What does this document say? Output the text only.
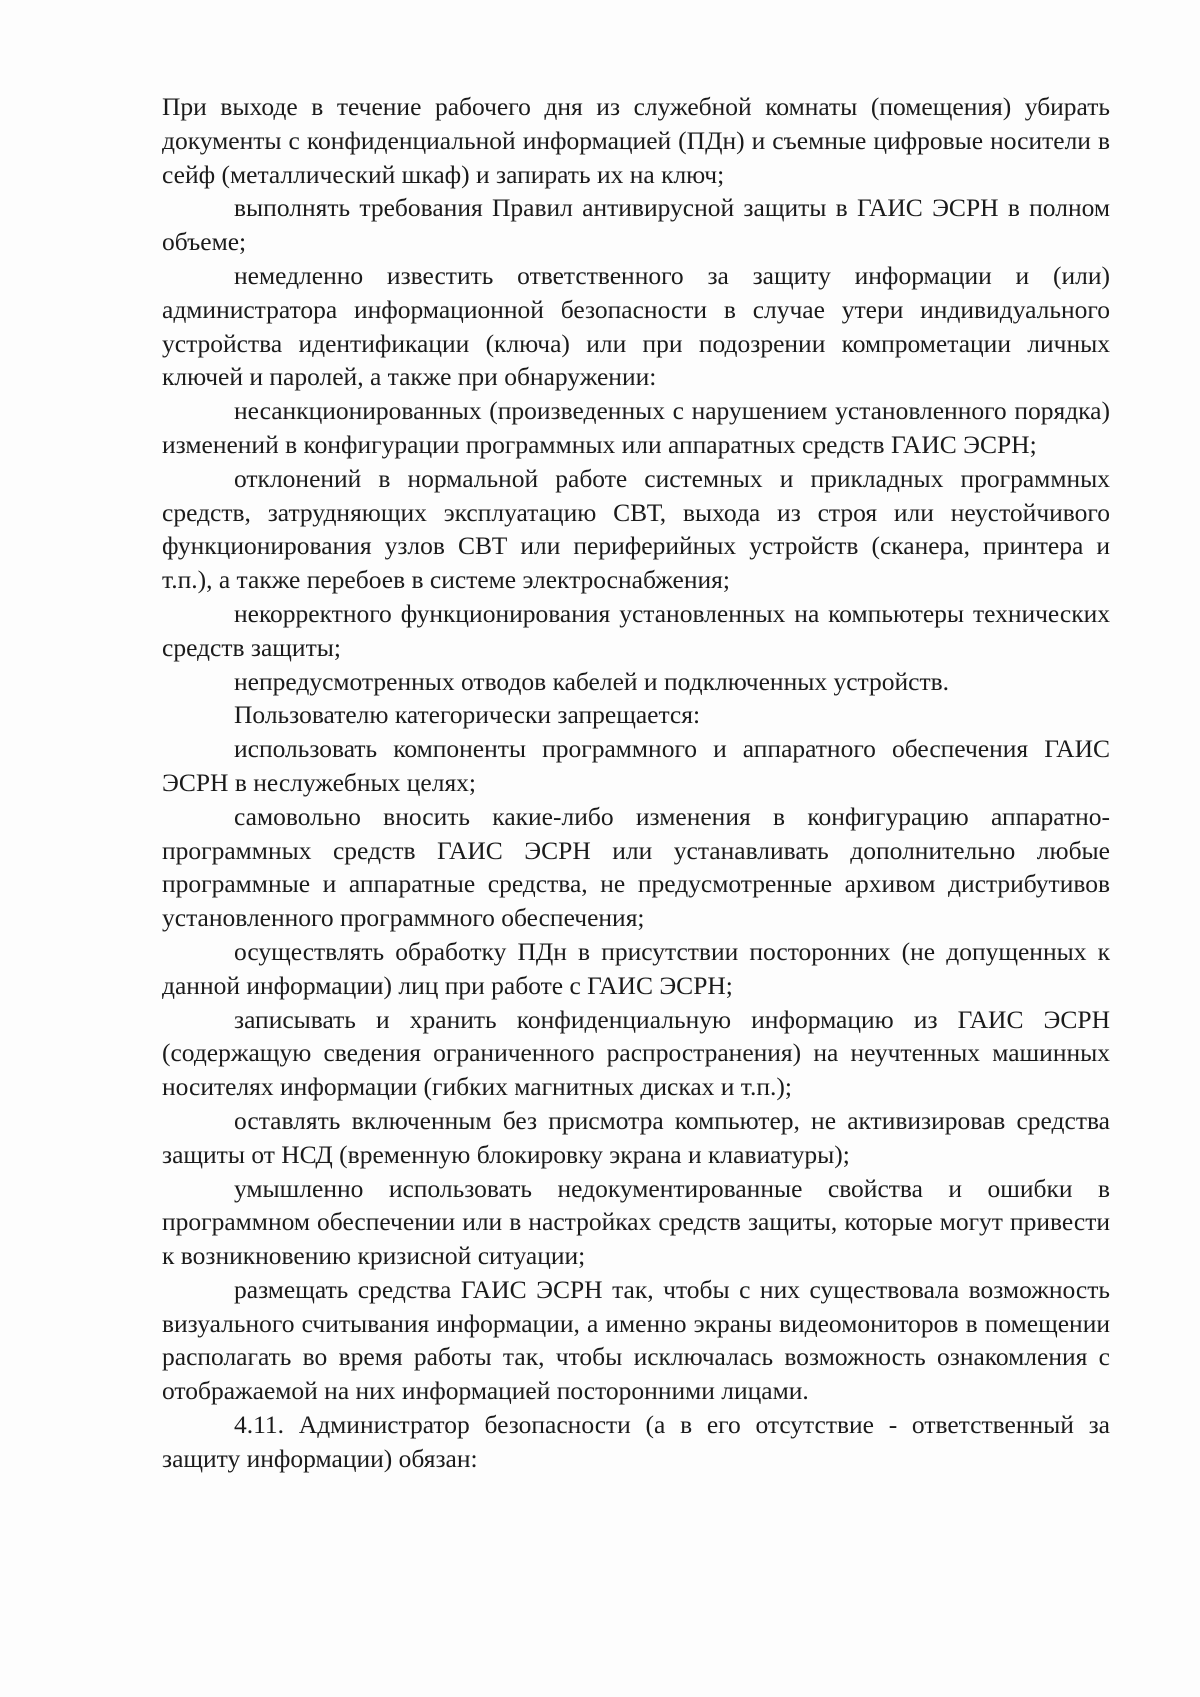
При выходе в течение рабочего дня из служебной комнаты (помещения) убирать документы с конфиденциальной информацией (ПДн) и съемные цифровые носители в сейф (металлический шкаф) и запирать их на ключ;

выполнять требования Правил антивирусной защиты в ГАИС ЭСРН в полном объеме;

немедленно известить ответственного за защиту информации и (или) администратора информационной безопасности в случае утери индивидуального устройства идентификации (ключа) или при подозрении компрометации личных ключей и паролей, а также при обнаружении:

несанкционированных (произведенных с нарушением установленного порядка) изменений в конфигурации программных или аппаратных средств ГАИС ЭСРН;

отклонений в нормальной работе системных и прикладных программных средств, затрудняющих эксплуатацию СВТ, выхода из строя или неустойчивого функционирования узлов СВТ или периферийных устройств (сканера, принтера и т.п.), а также перебоев в системе электроснабжения;

некорректного функционирования установленных на компьютеры технических средств защиты;

непредусмотренных отводов кабелей и подключенных устройств.

Пользователю категорически запрещается:

использовать компоненты программного и аппаратного обеспечения ГАИС ЭСРН в неслужебных целях;

самовольно вносить какие-либо изменения в конфигурацию аппаратно-программных средств ГАИС ЭСРН или устанавливать дополнительно любые программные и аппаратные средства, не предусмотренные архивом дистрибутивов установленного программного обеспечения;

осуществлять обработку ПДн в присутствии посторонних (не допущенных к данной информации) лиц при работе с ГАИС ЭСРН;

записывать и хранить конфиденциальную информацию из ГАИС ЭСРН (содержащую сведения ограниченного распространения) на неучтенных машинных носителях информации (гибких магнитных дисках и т.п.);

оставлять включенным без присмотра компьютер, не активизировав средства защиты от НСД (временную блокировку экрана и клавиатуры);

умышленно использовать недокументированные свойства и ошибки в программном обеспечении или в настройках средств защиты, которые могут привести к возникновению кризисной ситуации;

размещать средства ГАИС ЭСРН так, чтобы с них существовала возможность визуального считывания информации, а именно экраны видеомониторов в помещении располагать во время работы так, чтобы исключалась возможность ознакомления с отображаемой на них информацией посторонними лицами.

4.11. Администратор безопасности (а в его отсутствие - ответственный за защиту информации) обязан:
